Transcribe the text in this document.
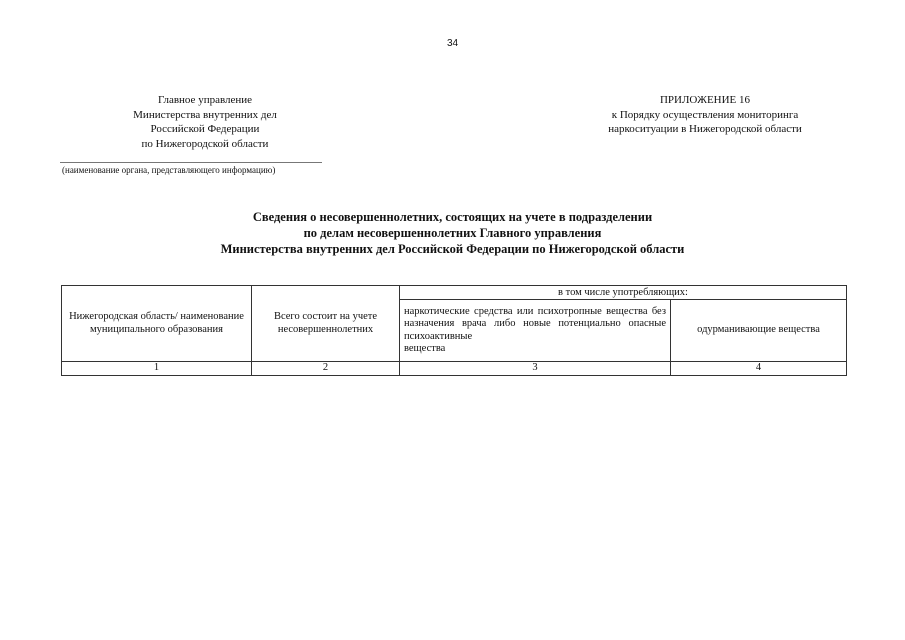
34
Главное управление
Министерства внутренних дел
Российской Федерации
по Нижегородской области
(наименование органа, представляющего информацию)
ПРИЛОЖЕНИЕ 16
к Порядку осуществления мониторинга
наркоситуации в Нижегородской области
Сведения о несовершеннолетних, состоящих на учете в подразделении
по делам несовершеннолетних Главного управления
Министерства внутренних дел Российской Федерации по Нижегородской области
Нижегородская область/ наименование муниципального образования	Всего состоит на учете несовершеннолетних	в том числе употребляющих:	
		наркотические средства или психотропные вещества без назначения врача либо новые потенциально опасные психоактивные
вещества	одурманивающие вещества
1	2	3	4
